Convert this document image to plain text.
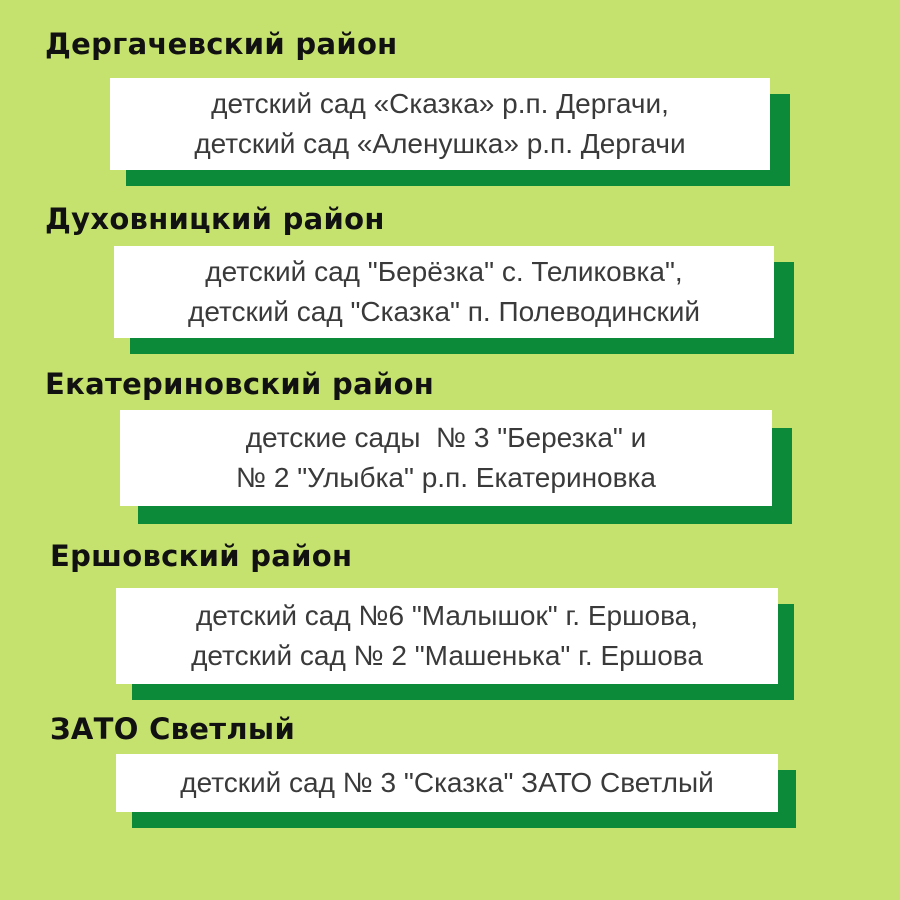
Дергачевский район
детский сад «Сказка» р.п. Дергачи,
детский сад «Аленушка» р.п. Дергачи
Духовницкий район
детский сад "Берёзка" с. Теликовка",
детский сад "Сказка" п. Полеводинский
Екатериновский район
детские сады  № 3 "Березка" и
№ 2 "Улыбка" р.п. Екатериновка
Ершовский район
детский сад №6 "Малышок" г. Ершова,
детский сад № 2 "Машенька" г. Ершова
ЗАТО Светлый
детский сад № 3 "Сказка" ЗАТО Светлый
